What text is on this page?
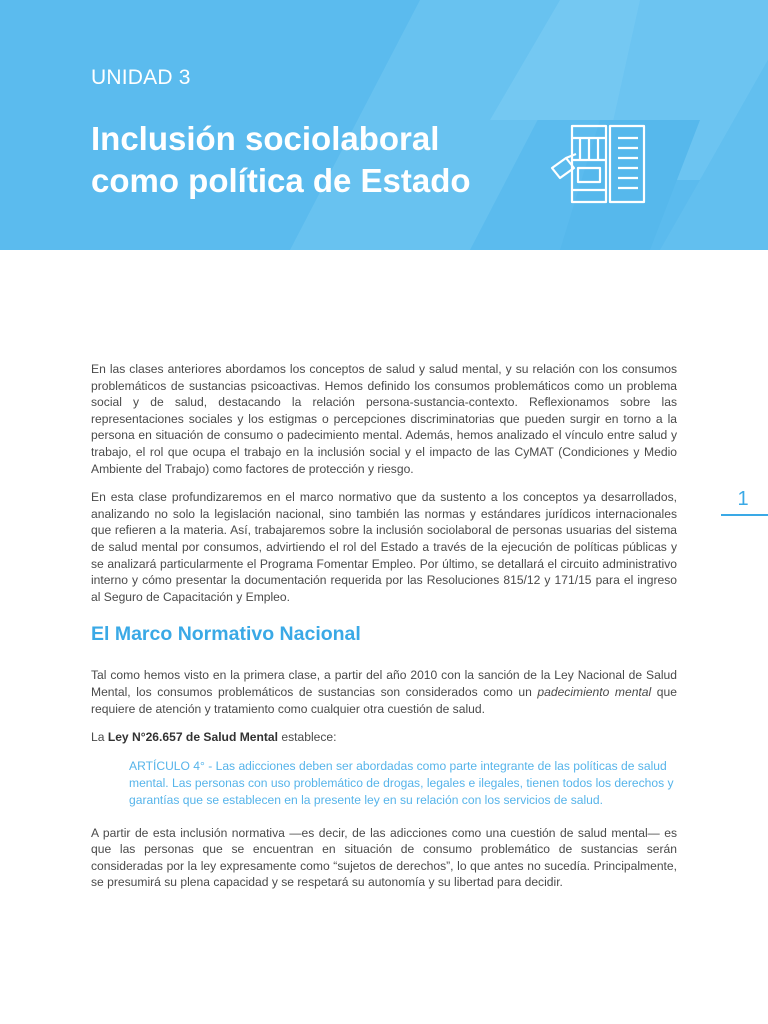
UNIDAD 3
Inclusión sociolaboral
como política de Estado

En las clases anteriores abordamos los conceptos de salud y salud mental, y su relación con los consumos problemáticos de sustancias psicoactivas. Hemos definido los consumos problemáticos como un problema social y de salud, destacando la relación persona-sustancia-contexto. Reflexionamos sobre las representaciones sociales y los estigmas o percepciones discriminatorias que pueden surgir en torno a la persona en situación de consumo o padecimiento mental. Además, hemos analizado el vínculo entre salud y trabajo, el rol que ocupa el trabajo en la inclusión social y el impacto de las CyMAT (Condiciones y Medio Ambiente del Trabajo) como factores de protección y riesgo.

En esta clase profundizaremos en el marco normativo que da sustento a los conceptos ya desarrollados, analizando no solo la legislación nacional, sino también las normas y estándares jurídicos internacionales que refieren a la materia. Así, trabajaremos sobre la inclusión sociolaboral de personas usuarias del sistema de salud mental por consumos, advirtiendo el rol del Estado a través de la ejecución de políticas públicas y se analizará particularmente el Programa Fomentar Empleo. Por último, se detallará el circuito administrativo interno y cómo presentar la documentación requerida por las Resoluciones 815/12 y 171/15 para el ingreso al Seguro de Capacitación y Empleo.

El Marco Normativo Nacional

Tal como hemos visto en la primera clase, a partir del año 2010 con la sanción de la Ley Nacional de Salud Mental, los consumos problemáticos de sustancias son considerados como un padecimiento mental que requiere de atención y tratamiento como cualquier otra cuestión de salud.

La Ley N°26.657 de Salud Mental establece:

ARTÍCULO 4° - Las adicciones deben ser abordadas como parte integrante de las políticas de salud mental. Las personas con uso problemático de drogas, legales e ilegales, tienen todos los derechos y garantías que se establecen en la presente ley en su relación con los servicios de salud.

A partir de esta inclusión normativa —es decir, de las adicciones como una cuestión de salud mental— es que las personas que se encuentran en situación de consumo problemático de sustancias serán consideradas por la ley expresamente como “sujetos de derechos”, lo que antes no sucedía. Principalmente, se presumirá su plena capacidad y se respetará su autonomía y su libertad para decidir.

1
